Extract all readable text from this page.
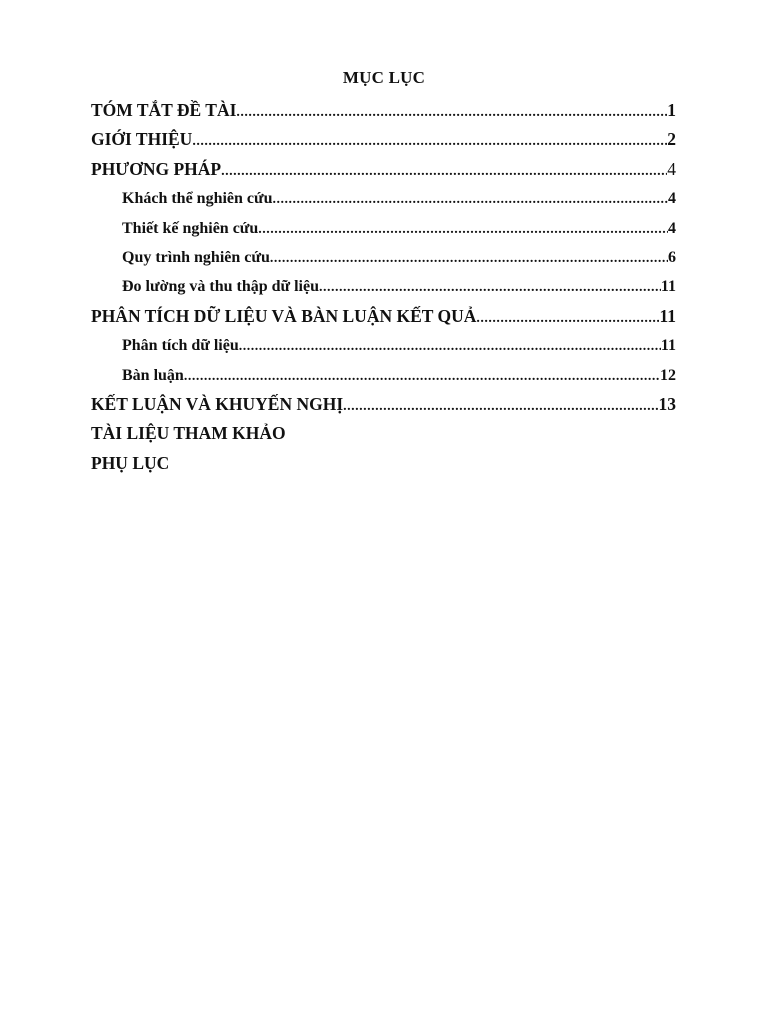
MỤC LỤC
TÓM TẮT ĐỀ TÀI .....	1
GIỚI THIỆU .....	2
PHƯƠNG PHÁP .....	4
Khách thể nghiên cứu .....	4
Thiết kế nghiên cứu .....	4
Quy trình nghiên cứu .....	6
Đo lường và thu thập dữ liệu .....	11
PHÂN TÍCH DỮ LIỆU VÀ BÀN LUẬN KẾT QUẢ .....	11
Phân tích dữ liệu .....	11
Bàn luận .....	12
KẾT LUẬN VÀ KHUYẾN NGHỊ .....	13
TÀI LIỆU THAM KHẢO
PHỤ LỤC
